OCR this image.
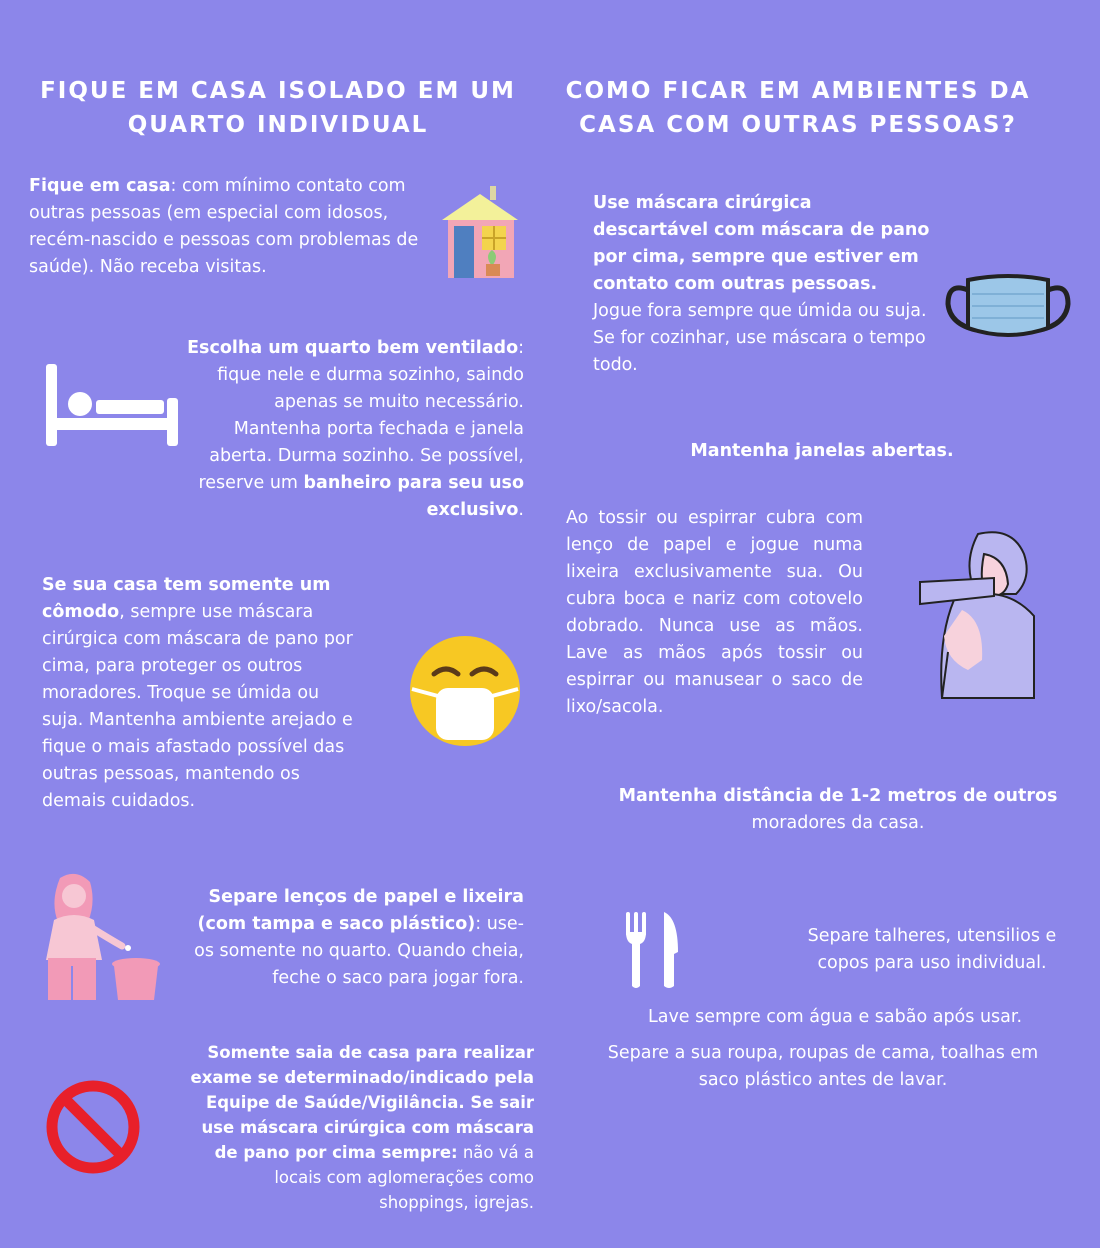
FIQUE EM CASA ISOLADO EM UM
QUARTO INDIVIDUAL
Fique em casa: com mínimo contato com outras pessoas (em especial com idosos, recém-nascido e pessoas com problemas de saúde). Não receba visitas.
Escolha um quarto bem ventilado: fique nele e durma sozinho, saindo apenas se muito necessário. Mantenha porta fechada e janela aberta. Durma sozinho. Se possível, reserve um banheiro para seu uso exclusivo.
Se sua casa tem somente um cômodo, sempre use máscara cirúrgica com máscara de pano por cima, para proteger os outros moradores. Troque se úmida ou suja. Mantenha ambiente arejado e fique o mais afastado possível das outras pessoas, mantendo os demais cuidados.
Separe lenços de papel e lixeira (com tampa e saco plástico): use-os somente no quarto. Quando cheia, feche o saco para jogar fora.
Somente saia de casa para realizar exame se determinado/indicado pela Equipe de Saúde/Vigilância. Se sair use máscara cirúrgica com máscara de pano por cima sempre: não vá a locais com aglomerações como shoppings, igrejas.
COMO FICAR EM AMBIENTES DA
CASA COM OUTRAS PESSOAS?
Use máscara cirúrgica descartável com máscara de pano por cima, sempre que estiver em contato com outras pessoas. Jogue fora sempre que úmida ou suja. Se for cozinhar, use máscara o tempo todo.
Mantenha janelas abertas.
Ao tossir ou espirrar cubra com lenço de papel e jogue numa lixeira exclusivamente sua. Ou cubra boca e nariz com cotovelo dobrado. Nunca use as mãos. Lave as mãos após tossir ou espirrar ou manusear o saco de lixo/sacola.
Mantenha distância de 1-2 metros de outros
moradores da casa.
Separe talheres, utensilios e copos para uso individual.
Lave sempre com água e sabão após usar.
Separe a sua roupa, roupas de cama, toalhas em saco plástico antes de lavar.
